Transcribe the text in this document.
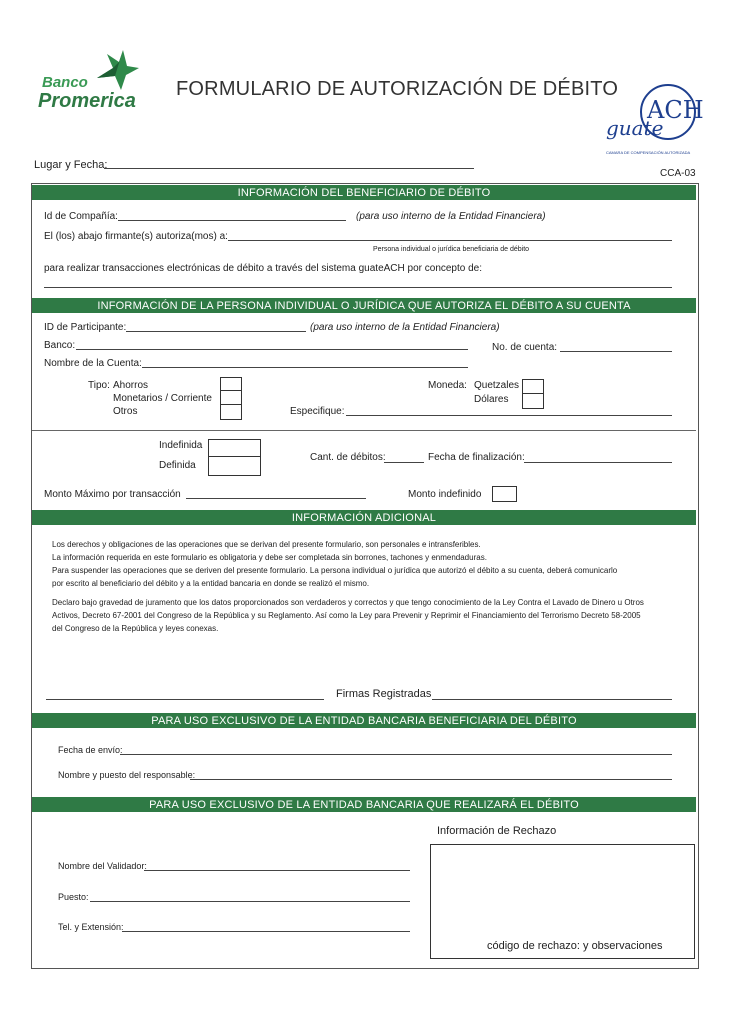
Banco
Promerica
FORMULARIO DE AUTORIZACIÓN DE DÉBITO
ACH
guate
CAMARA DE COMPENSACIÓN AUTORIZADA
Lugar y Fecha:
CCA-03
INFORMACIÓN DEL BENEFICIARIO DE DÉBITO
Id de Compañía:	(para uso interno de la Entidad Financiera)
El (los) abajo firmante(s) autoriza(mos) a:
Persona individual o jurídica beneficiaria de débito
para realizar transacciones electrónicas de débito a través del sistema guateACH por concepto de:
INFORMACIÓN DE LA PERSONA INDIVIDUAL O JURÍDICA QUE AUTORIZA EL DÉBITO A SU CUENTA
ID de Participante:	(para uso interno de la Entidad Financiera)
Banco:	No. de cuenta:
Nombre de la Cuenta:
Tipo: Ahorros
Monetarios / Corriente
Otros
Moneda: Quetzales
Dólares
Especifique:
Indefinida
Definida
Cant. de débitos:	Fecha de finalización:
Monto Máximo por transacción	Monto indefinido
INFORMACIÓN ADICIONAL
Los derechos y obligaciones de las operaciones que se derivan del presente formulario, son personales e intransferibles.
La información requerida en este formulario es obligatoria y debe ser completada sin borrones, tachones y enmendaduras.
Para suspender las operaciones que se deriven del presente formulario. La persona individual o jurídica que autorizó el débito a su cuenta, deberá comunicarlo
por escrito al beneficiario del débito y a la entidad bancaria en donde se realizó el mismo.
Declaro bajo gravedad de juramento que los datos proporcionados son verdaderos y correctos y que tengo conocimiento de la Ley Contra el Lavado de Dinero u Otros
Activos, Decreto 67-2001 del Congreso de la República y su Reglamento. Así como la Ley para Prevenir y Reprimir el Financiamiento del Terrorismo Decreto 58-2005
del Congreso de la República y leyes conexas.
Firmas Registradas
PARA USO EXCLUSIVO DE LA ENTIDAD BANCARIA BENEFICIARIA DEL DÉBITO
Fecha de envío:
Nombre y puesto del responsable:
PARA USO EXCLUSIVO DE LA ENTIDAD BANCARIA QUE REALIZARÁ EL DÉBITO
Información de Rechazo
código de rechazo: y observaciones
Nombre del Validador:
Puesto:
Tel. y Extensión:
